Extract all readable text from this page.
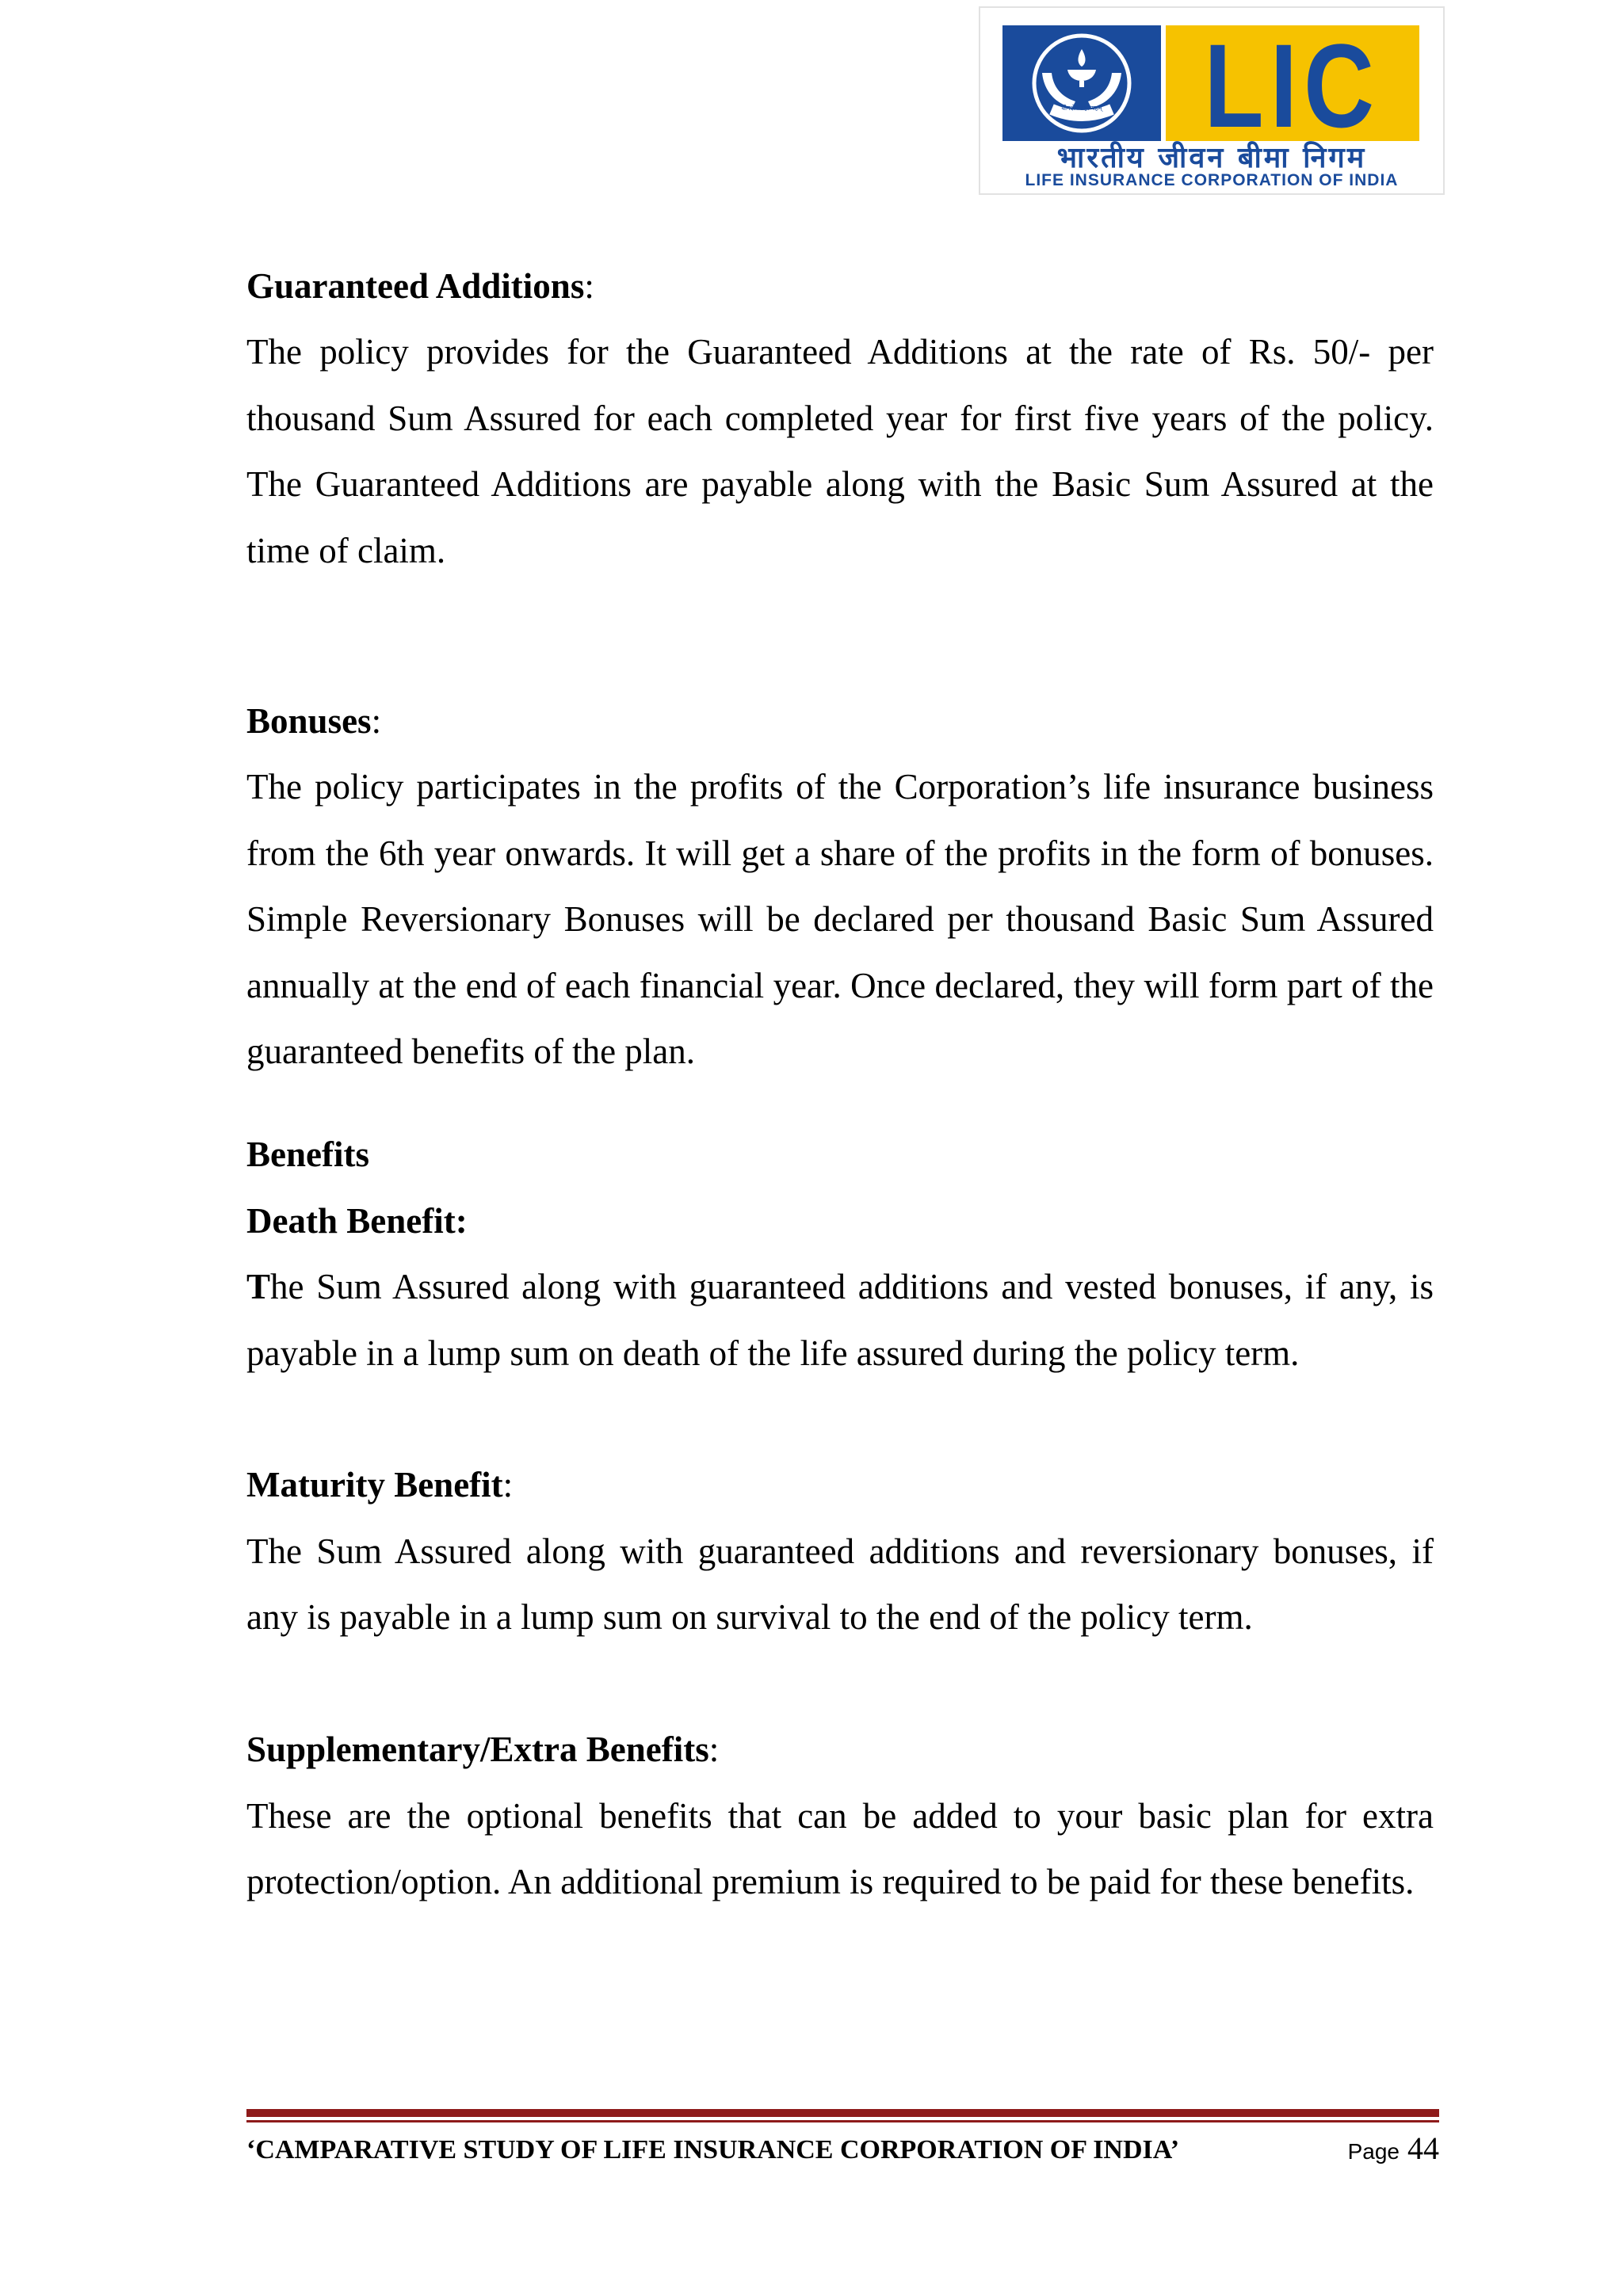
योगक्षेमं वहाम्यहम् LIC
भारतीय जीवन बीमा निगम
LIFE INSURANCE CORPORATION OF INDIA

Guaranteed Additions:

The policy provides for the Guaranteed Additions at the rate of Rs. 50/- per thousand Sum Assured for each completed year for first five years of the policy. The Guaranteed Additions are payable along with the Basic Sum Assured at the time of claim.

Bonuses:

The policy participates in the profits of the Corporation’s life insurance business from the 6th year onwards. It will get a share of the profits in the form of bonuses. Simple Reversionary Bonuses will be declared per thousand Basic Sum Assured annually at the end of each financial year. Once declared, they will form part of the guaranteed benefits of the plan.

Benefits

Death Benefit:

The Sum Assured along with guaranteed additions and vested bonuses, if any, is payable in a lump sum on death of the life assured during the policy term.

Maturity Benefit:

The Sum Assured along with guaranteed additions and reversionary bonuses, if any is payable in a lump sum on survival to the end of the policy term.

Supplementary/Extra Benefits:

These are the optional benefits that can be added to your basic plan for extra protection/option. An additional premium is required to be paid for these benefits.

‘CAMPARATIVE STUDY OF LIFE INSURANCE CORPORATION OF INDIA’	Page 44
